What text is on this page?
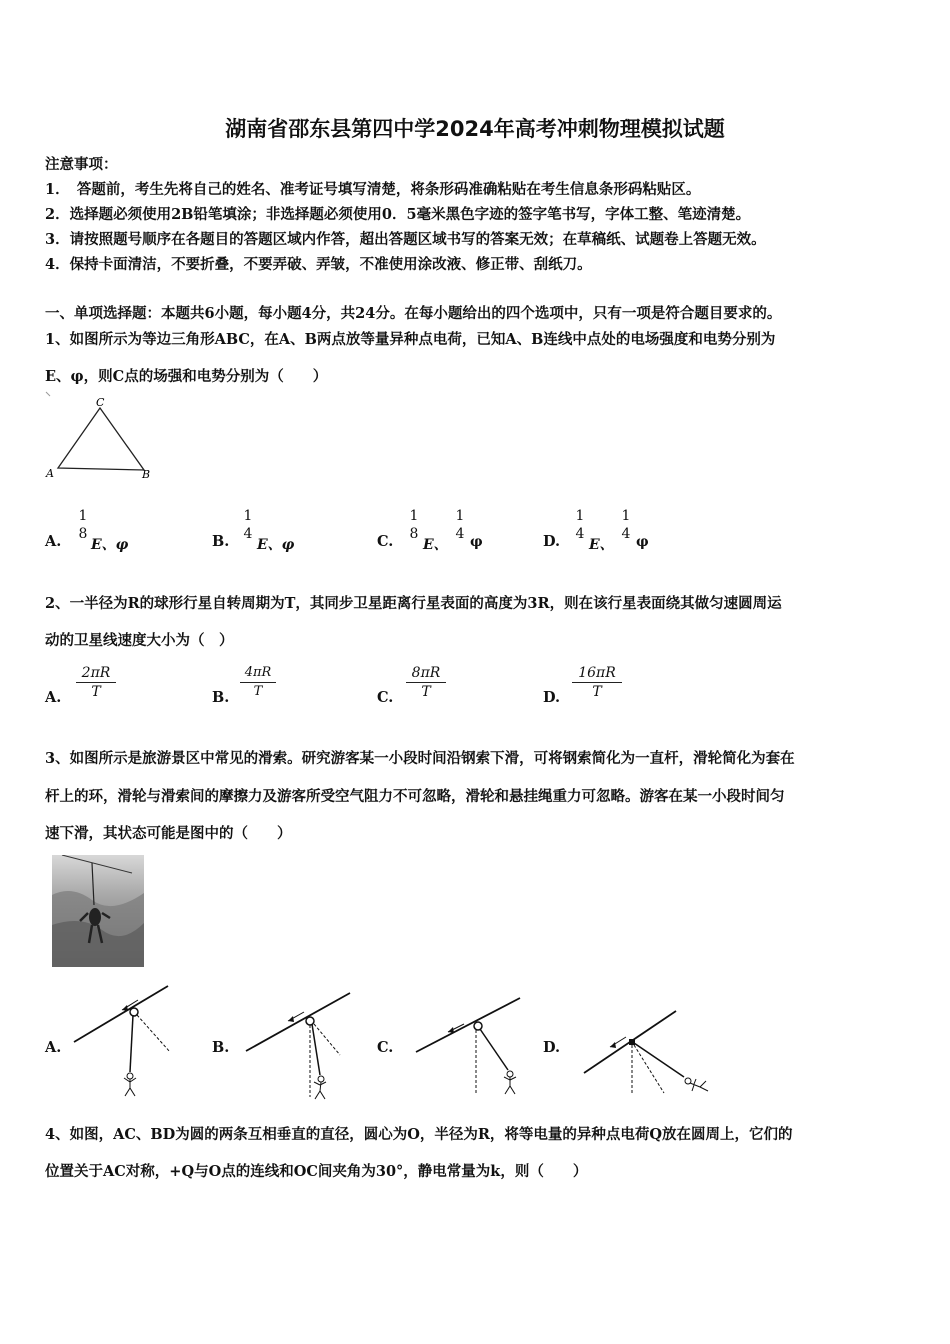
湖南省邵东县第四中学2024年高考冲刺物理模拟试题
注意事项：
1．　答题前，考生先将自己的姓名、准考证号填写清楚，将条形码准确粘贴在考生信息条形码粘贴区。
2．选择题必须使用2B铅笔填涂；非选择题必须使用0．5毫米黑色字迹的签字笔书写，字体工整、笔迹清楚。
3．请按照题号顺序在各题目的答题区域内作答，超出答题区域书写的答案无效；在草稿纸、试题卷上答题无效。
4．保持卡面清洁，不要折叠，不要弄破、弄皱，不准使用涂改液、修正带、刮纸刀。
一、单项选择题：本题共6小题，每小题4分，共24分。在每小题给出的四个选项中，只有一项是符合题目要求的。
1、如图所示为等边三角形ABC，在A、B两点放等量异种点电荷，已知A、B连线中点处的电场强度和电势分别为
E、φ，则C点的场强和电势分别为（　　）
C
A	B
A.
1
8
E、φ	B.
1
4
E、φ	C.
1
8
E、
1
4 φ	D.
1
4
E、
1
4 φ
2、一半径为R的球形行星自转周期为T，其同步卫星距离行星表面的高度为3R，则在该行星表面绕其做匀速圆周运
动的卫星线速度大小为（　）
A. $\frac{2\pi R}{T}$	B. $\frac{4\pi R}{T}$	C. $\frac{8\pi R}{T}$	D. $\frac{16\pi R}{T}$
3、如图所示是旅游景区中常见的滑索。研究游客某一小段时间沿钢索下滑，可将钢索简化为一直杆，滑轮简化为套在
杆上的环，滑轮与滑索间的摩擦力及游客所受空气阻力不可忽略，滑轮和悬挂绳重力可忽略。游客在某一小段时间匀
速下滑，其状态可能是图中的（　　）
A.	B.	C.	D.
4、如图，AC、BD为圆的两条互相垂直的直径，圆心为O，半径为R，将等电量的异种点电荷Q放在圆周上，它们的
位置关于AC对称，+Q与O点的连线和OC间夹角为30°，静电常量为k，则（　　）
